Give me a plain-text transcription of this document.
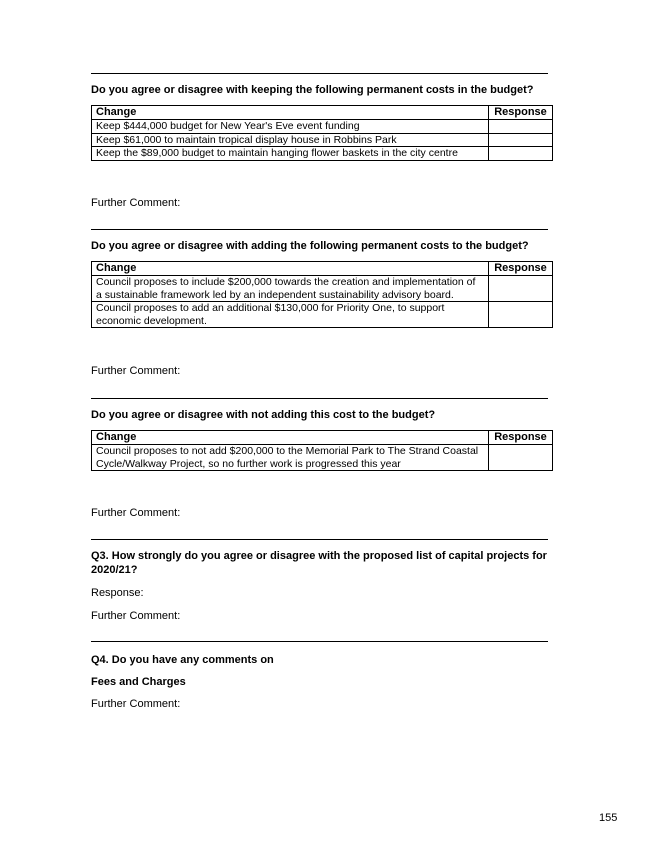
Do you agree or disagree with keeping the following permanent costs in the budget?
Change	Response
Keep $444,000 budget for New Year's Eve event funding	
Keep $61,000 to maintain tropical display house in Robbins Park	
Keep the $89,000 budget to maintain hanging flower baskets in the city centre	
Further Comment:
Do you agree or disagree with adding the following permanent costs to the budget?
Change	Response
Council proposes to include $200,000 towards the creation and implementation of a sustainable framework led by an independent sustainability advisory board.	
Council proposes to add an additional $130,000 for Priority One, to support economic development.	
Further Comment:
Do you agree or disagree with not adding this cost to the budget?
Change	Response
Council proposes to not add $200,000 to the Memorial Park to The Strand Coastal Cycle/Walkway Project, so no further work is progressed this year	
Further Comment:
Q3. How strongly do you agree or disagree with the proposed list of capital projects for 2020/21?
Response:
Further Comment:
Q4. Do you have any comments on
Fees and Charges
Further Comment:
155
